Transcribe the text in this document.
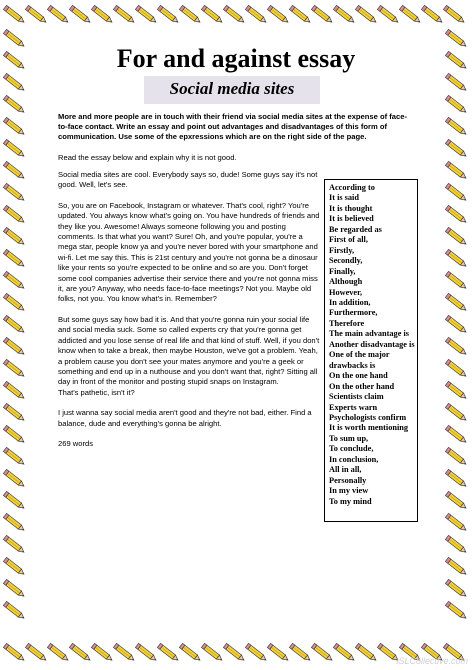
For and against essay
Social media sites
More and more people are in touch with their friend via social media sites at the expense of face-to-face contact. Write an essay and point out advantages and disadvantages of this form of communication. Use some of the epxressions which are on the right side of the page.
Read the essay below and explain why it is not good.

Social media sites are cool. Everybody says so, dude! Some guys say it's not good. Well, let's see.

So, you are on Facebook, Instagram or whatever. That's cool, right? You're updated. You always know what's going on. You have hundreds of friends and they like you. Awesome! Always someone following you and posting comments. Is that what you want? Sure! Oh, and you're popular, you're a mega star, people know ya and you're never bored with your smartphone and wi-fi. Let me say this. This is 21st century and you're not gonna be a dinosaur like your rents so you're expected to be online and so are you. Don't forget some cool companies advertise their service there and you're not gonna miss it, are you? Anyway, who needs face-to-face meetings? Not you. Maybe old folks, not you. You know what's in. Remember?

But some guys say how bad it is. And that you're gonna ruin your social life and social media suck. Some so called experts cry that you're gonna get addicted and you lose sense of real life and that kind of stuff. Well, if you don't know when to take a break, then maybe Houston, we've got a problem. Yeah, a problem cause you don't see your mates anymore and you're a geek or something and end up in a nuthouse and you don't want that, right? Sitting all day in front of the monitor and posting stupid snaps on Instagram.

That's pathetic, isn't it?

I just wanna say social media aren't good and they're not bad, either. Find a balance, dude and everything's gonna be alright.

269 words

According to
It is said
It is thought
It is believed
Be regarded as
First of all,
Firstly,
Secondly,
Finally,
Although
However,
In addition,
Furthermore,
Therefore
The main advantage is
Another disadvantage is
One of the major
drawbacks is
On the one hand
On the other hand
Scientists claim
Experts warn
Psychologists confirm
It is worth mentioning
To sum up,
To conclude,
In conclusion,
All in all,
Personally
In my view
To my mind
iSLCollective.com
